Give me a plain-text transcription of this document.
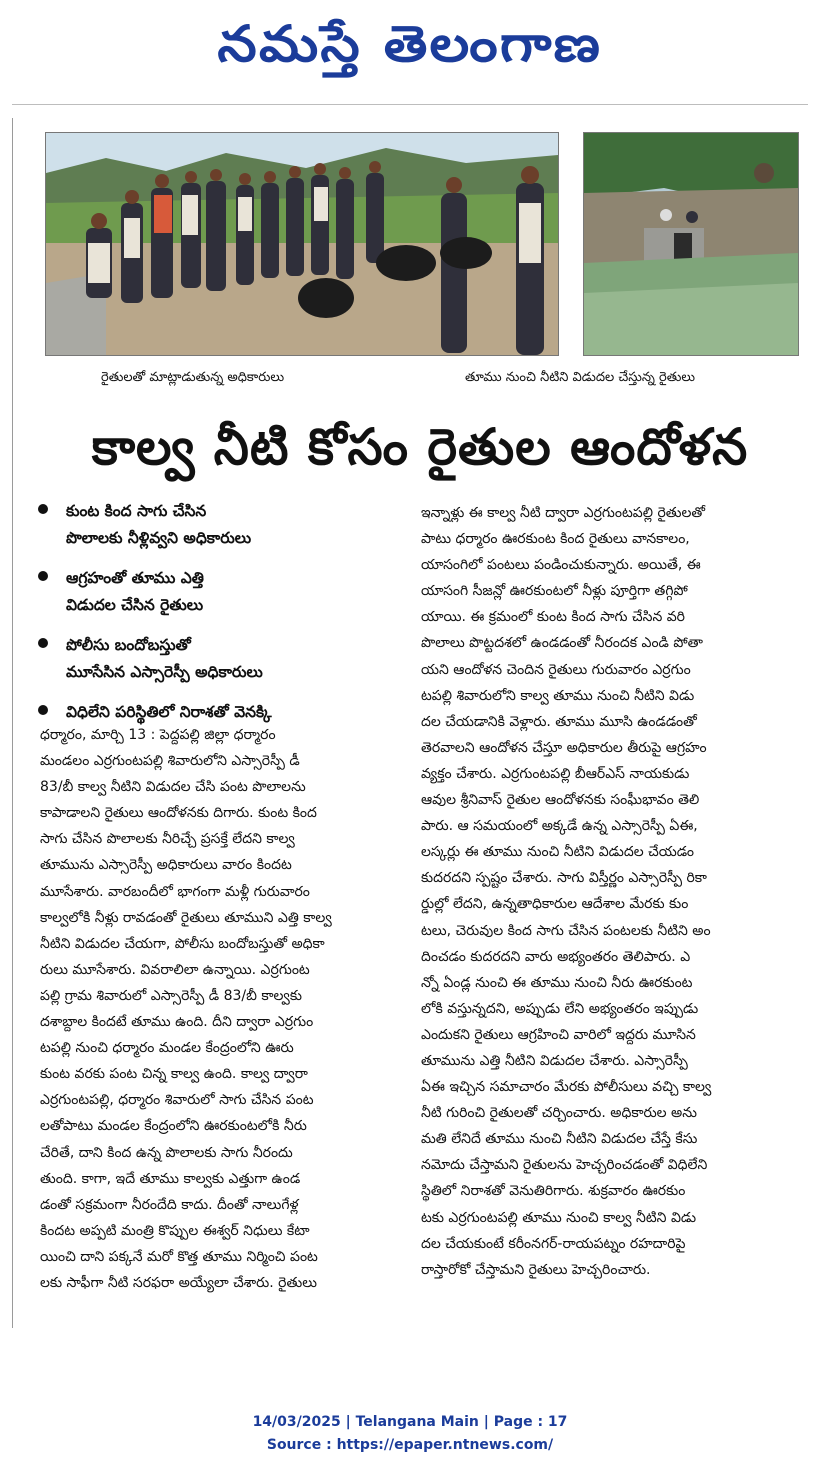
నమస్తే తెలంగాణ
రైతులతో మాట్లాడుతున్న అధికారులు	తూము నుంచి నీటిని విడుదల చేస్తున్న రైతులు
కాల్వ నీటి కోసం రైతుల ఆందోళన
కుంట కింద సాగు చేసిన
పొలాలకు నీళ్లివ్వని అధికారులు
ఆగ్రహంతో తూము ఎత్తి
విడుదల చేసిన రైతులు
పోలీసు బందోబస్తుతో
మూసేసిన ఎస్సారెస్పీ అధికారులు
విధిలేని పరిస్థితిలో నిరాశతో వెనక్కి
ధర్మారం, మార్చి 13 : పెద్దపల్లి జిల్లా ధర్మారం
మండలం ఎర్రగుంటపల్లి శివారులోని ఎస్సారెస్పీ డీ
83/బీ కాల్వ నీటిని విడుదల చేసి పంట పొలాలను
కాపాడాలని రైతులు ఆందోళనకు దిగారు. కుంట కింద
సాగు చేసిన పొలాలకు నీరిచ్చే ప్రసక్తే లేదని కాల్వ
తూమును ఎస్సారెస్పీ అధికారులు వారం కిందట
మూసేశారు. వారబందీలో భాగంగా మళ్లీ గురువారం
కాల్వలోకి నీళ్లు రావడంతో రైతులు తూముని ఎత్తి కాల్వ
నీటిని విడుదల చేయగా, పోలీసు బందోబస్తుతో అధికా
రులు మూసేశారు. వివరాలిలా ఉన్నాయి. ఎర్రగుంట
పల్లి గ్రామ శివారులో ఎస్సారెస్పీ డీ 83/బీ కాల్వకు
దశాబ్దాల కిందటే తూము ఉంది. దీని ద్వారా ఎర్రగుం
టపల్లి నుంచి ధర్మారం మండల కేంద్రంలోని ఊరు
కుంట వరకు పంట చిన్న కాల్వ ఉంది. కాల్వ ద్వారా
ఎర్రగుంటపల్లి, ధర్మారం శివారులో సాగు చేసిన పంట
లతోపాటు మండల కేంద్రంలోని ఊరకుంటలోకి నీరు
చేరితే, దాని కింద ఉన్న పొలాలకు సాగు నీరందు
తుంది. కాగా, ఇదే తూము కాల్వకు ఎత్తుగా ఉండ
డంతో సక్రమంగా నీరందేది కాదు. దీంతో నాలుగేళ్ల
కిందట అప్పటి మంత్రి కొప్పుల ఈశ్వర్ నిధులు కేటా
యించి దాని పక్కనే మరో కొత్త తూము నిర్మించి పంట
లకు సాఫీగా నీటి సరఫరా అయ్యేలా చేశారు. రైతులు
ఇన్నాళ్లు ఈ కాల్వ నీటి ద్వారా ఎర్రగుంటపల్లి రైతులతో
పాటు ధర్మారం ఊరకుంట కింద రైతులు వానకాలం,
యాసంగిలో పంటలు పండించుకున్నారు. అయితే, ఈ
యాసంగి సీజన్లో ఊరకుంటలో నీళ్లు పూర్తిగా తగ్గిపో
యాయి. ఈ క్రమంలో కుంట కింద సాగు చేసిన వరి
పొలాలు పొట్టదశలో ఉండడంతో నీరందక ఎండి పోతా
యని ఆందోళన చెందిన రైతులు గురువారం ఎర్రగుం
టపల్లి శివారులోని కాల్వ తూము నుంచి నీటిని విడు
దల చేయడానికి వెళ్లారు. తూము మూసి ఉండడంతో
తెరవాలని ఆందోళన చేస్తూ అధికారుల తీరుపై ఆగ్రహం
వ్యక్తం చేశారు. ఎర్రగుంటపల్లి బీఆర్ఎస్ నాయకుడు
ఆవుల శ్రీనివాస్ రైతుల ఆందోళనకు సంఘీభావం తెలి
పారు. ఆ సమయంలో అక్కడే ఉన్న ఎస్సారెస్పీ ఏఈ,
లస్కర్లు ఈ తూము నుంచి నీటిని విడుదల చేయడం
కుదరదని స్పష్టం చేశారు. సాగు విస్తీర్ణం ఎస్సారెస్పీ రికా
ర్డుల్లో లేదని, ఉన్నతాధికారుల ఆదేశాల మేరకు కుం
టలు, చెరువుల కింద సాగు చేసిన పంటలకు నీటిని అం
దించడం కుదరదని వారు అభ్యంతరం తెలిపారు. ఎ
న్నో ఏండ్ల నుంచి ఈ తూము నుంచి నీరు ఊరకుంట
లోకి వస్తున్నదని, అప్పుడు లేని అభ్యంతరం ఇప్పుడు
ఎందుకని రైతులు ఆగ్రహించి వారిలో ఇద్దరు మూసిన
తూమును ఎత్తి నీటిని విడుదల చేశారు. ఎస్సారెస్పీ
ఏఈ ఇచ్చిన సమాచారం మేరకు పోలీసులు వచ్చి కాల్వ
నీటి గురించి రైతులతో చర్చించారు. అధికారుల అను
మతి లేనిదే తూము నుంచి నీటిని విడుదల చేస్తే కేసు
నమోదు చేస్తామని రైతులను హెచ్చరించడంతో విధిలేని
స్థితిలో నిరాశతో వెనుతిరిగారు. శుక్రవారం ఊరకుం
టకు ఎర్రగుంటపల్లి తూము నుంచి కాల్వ నీటిని విడు
దల చేయకుంటే కరీంనగర్-రాయపట్నం రహదారిపై
రాస్తారోకో చేస్తామని రైతులు హెచ్చరించారు.
14/03/2025 | Telangana Main | Page : 17
Source : https://epaper.ntnews.com/
